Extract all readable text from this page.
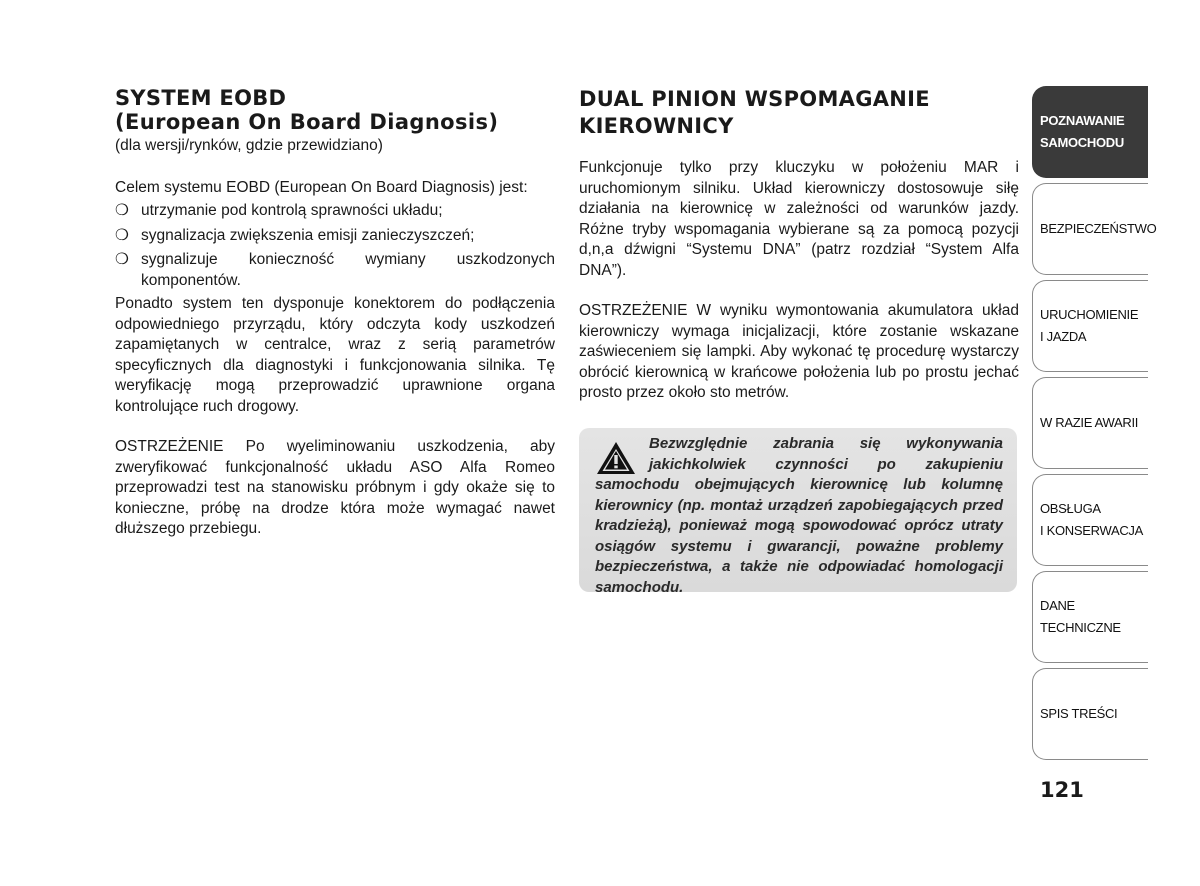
SYSTEM EOBD
(European On Board Diagnosis)

(dla wersji/rynków, gdzie przewidziano)

Celem systemu EOBD (European On Board Diagnosis) jest:

❍ utrzymanie pod kontrolą sprawności układu;
❍ sygnalizacja zwiększenia emisji zanieczyszczeń;
❍ sygnalizuje konieczność wymiany uszkodzonych komponentów.

Ponadto system ten dysponuje konektorem do podłączenia odpowiedniego przyrządu, który odczyta kody uszkodzeń zapamiętanych w centralce, wraz z serią parametrów specyficznych dla diagnostyki i funkcjonowania silnika. Tę weryfikację mogą przeprowadzić uprawnione organa kontrolujące ruch drogowy.

OSTRZEŻENIE Po wyeliminowaniu uszkodzenia, aby zweryfikować funkcjonalność układu ASO Alfa Romeo przeprowadzi test na stanowisku próbnym i gdy okaże się to konieczne, próbę na drodze która może wymagać nawet dłuższego przebiegu.

DUAL PINION WSPOMAGANIE KIEROWNICY

Funkcjonuje tylko przy kluczyku w położeniu MAR i uruchomionym silniku. Układ kierowniczy dostosowuje siłę działania na kierownicę w zależności od warunków jazdy. Różne tryby wspomagania wybierane są za pomocą pozycji d,n,a dźwigni “Systemu DNA” (patrz rozdział “System Alfa DNA”).

OSTRZEŻENIE W wyniku wymontowania akumulatora układ kierowniczy wymaga inicjalizacji, które zostanie wskazane zaświeceniem się lampki. Aby wykonać tę procedurę wystarczy obrócić kierownicą w krańcowe położenia lub po prostu jechać prosto przez około sto metrów.

Bezwzględnie zabrania się wykonywania jakichkolwiek czynności po zakupieniu samochodu obejmujących kierownicę lub kolumnę kierownicy (np. montaż urządzeń zapobiegających przed kradzieżą), ponieważ mogą spowodować oprócz utraty osiągów systemu i gwarancji, poważne problemy bezpieczeństwa, a także nie odpowiadać homologacji samochodu.
POZNAWANIE
SAMOCHODU
BEZPIECZEŃSTWO
URUCHOMIENIE
I JAZDA
W RAZIE AWARII
OBSŁUGA
I KONSERWACJA
DANE
TECHNICZNE
SPIS TREŚCI
121
